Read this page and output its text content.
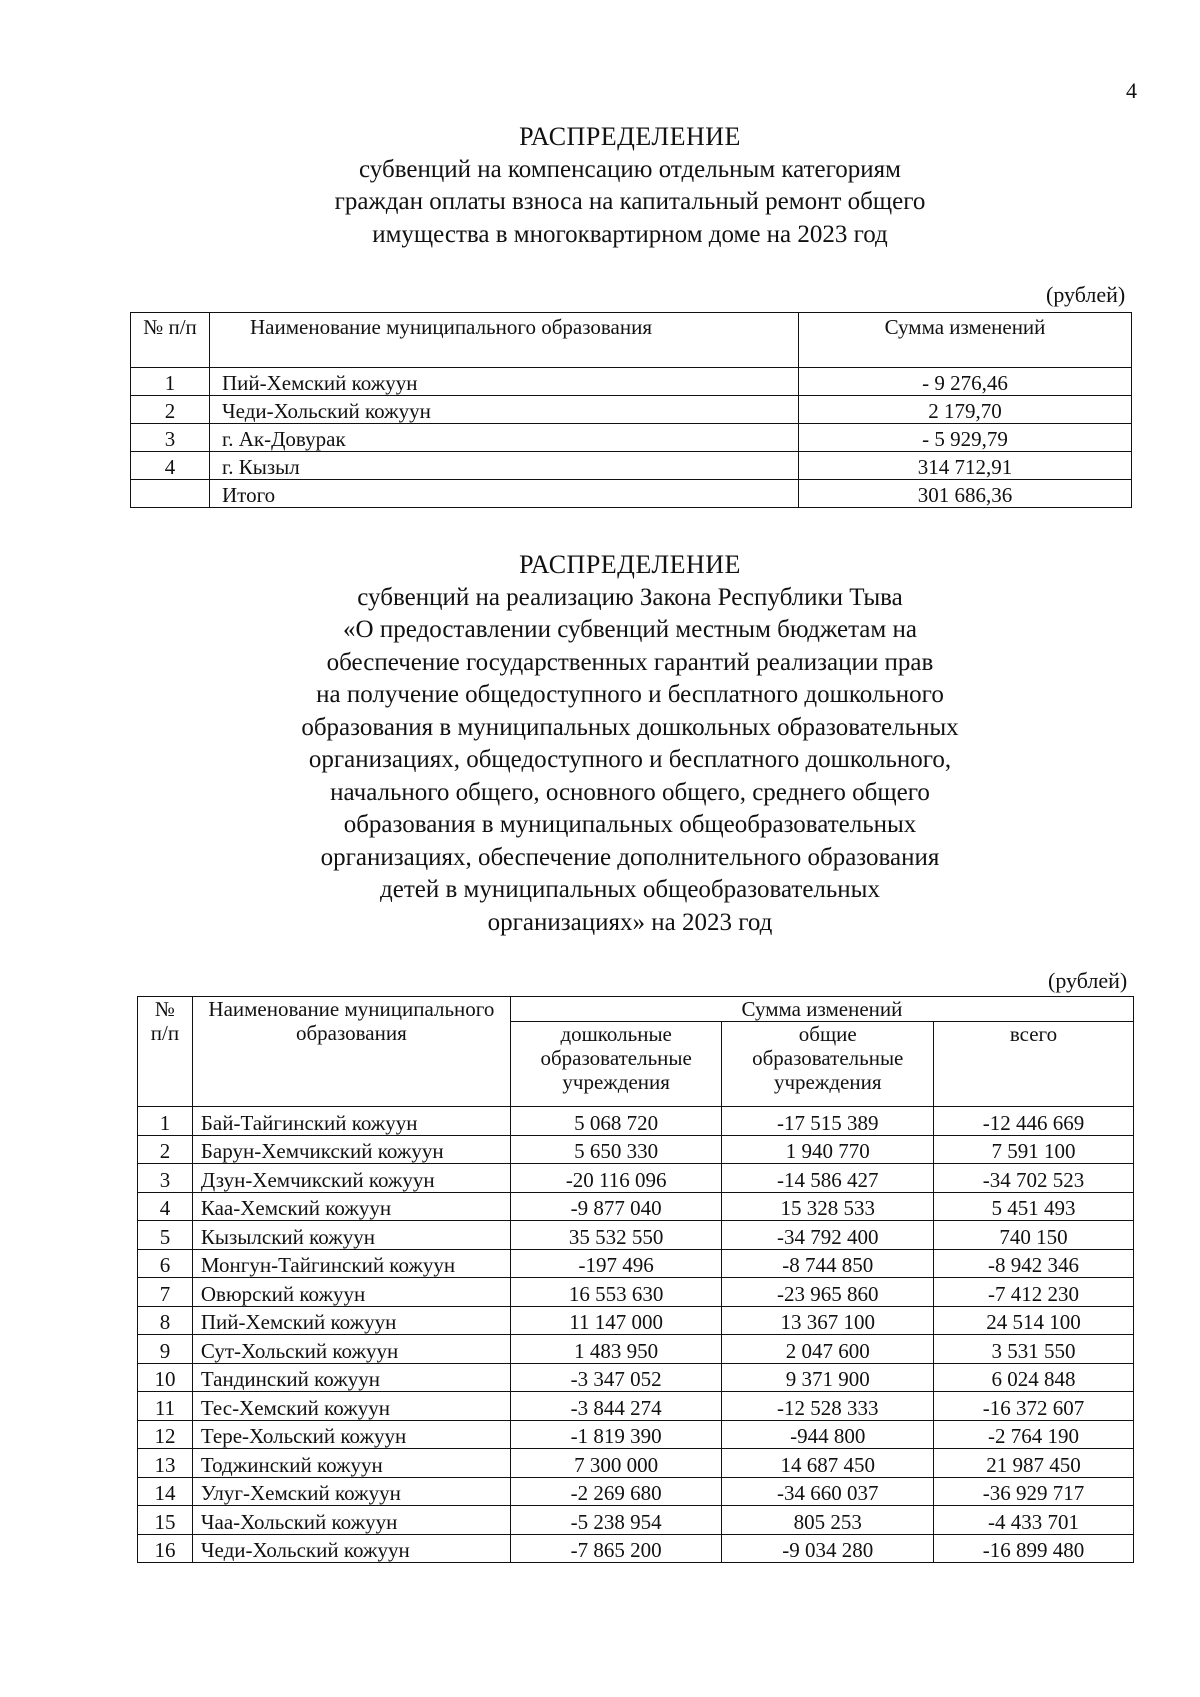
4
РАСПРЕДЕЛЕНИЕ
субвенций на компенсацию отдельным категориям
граждан оплаты взноса на капитальный ремонт общего
имущества в многоквартирном доме на 2023 год
(рублей)
№ п/п	Наименование муниципального образования	Сумма изменений
1	Пий-Хемский кожуун	- 9 276,46
2	Чеди-Хольский кожуун	2 179,70
3	г. Ак-Довурак	- 5 929,79
4	г. Кызыл	314 712,91
	Итого	301 686,36
РАСПРЕДЕЛЕНИЕ
субвенций на реализацию Закона Республики Тыва
«О предоставлении субвенций местным бюджетам на
обеспечение государственных гарантий реализации прав
на получение общедоступного и бесплатного дошкольного
образования в муниципальных дошкольных образовательных
организациях, общедоступного и бесплатного дошкольного,
начального общего, основного общего, среднего общего
образования в муниципальных общеобразовательных
организациях, обеспечение дополнительного образования
детей в муниципальных общеобразовательных
организациях» на 2023 год
(рублей)
№ п/п	Наименование муниципального образования	Сумма изменений		
		дошкольные образовательные учреждения	общие образовательные учреждения	всего
1	Бай-Тайгинский кожуун	5 068 720	-17 515 389	-12 446 669
2	Барун-Хемчикский кожуун	5 650 330	1 940 770	7 591 100
3	Дзун-Хемчикский кожуун	-20 116 096	-14 586 427	-34 702 523
4	Каа-Хемский кожуун	-9 877 040	15 328 533	5 451 493
5	Кызылский кожуун	35 532 550	-34 792 400	740 150
6	Монгун-Тайгинский кожуун	-197 496	-8 744 850	-8 942 346
7	Овюрский кожуун	16 553 630	-23 965 860	-7 412 230
8	Пий-Хемский кожуун	11 147 000	13 367 100	24 514 100
9	Сут-Хольский кожуун	1 483 950	2 047 600	3 531 550
10	Тандинский кожуун	-3 347 052	9 371 900	6 024 848
11	Тес-Хемский кожуун	-3 844 274	-12 528 333	-16 372 607
12	Тере-Хольский кожуун	-1 819 390	-944 800	-2 764 190
13	Тоджинский кожуун	7 300 000	14 687 450	21 987 450
14	Улуг-Хемский кожуун	-2 269 680	-34 660 037	-36 929 717
15	Чаа-Хольский кожуун	-5 238 954	805 253	-4 433 701
16	Чеди-Хольский кожуун	-7 865 200	-9 034 280	-16 899 480
